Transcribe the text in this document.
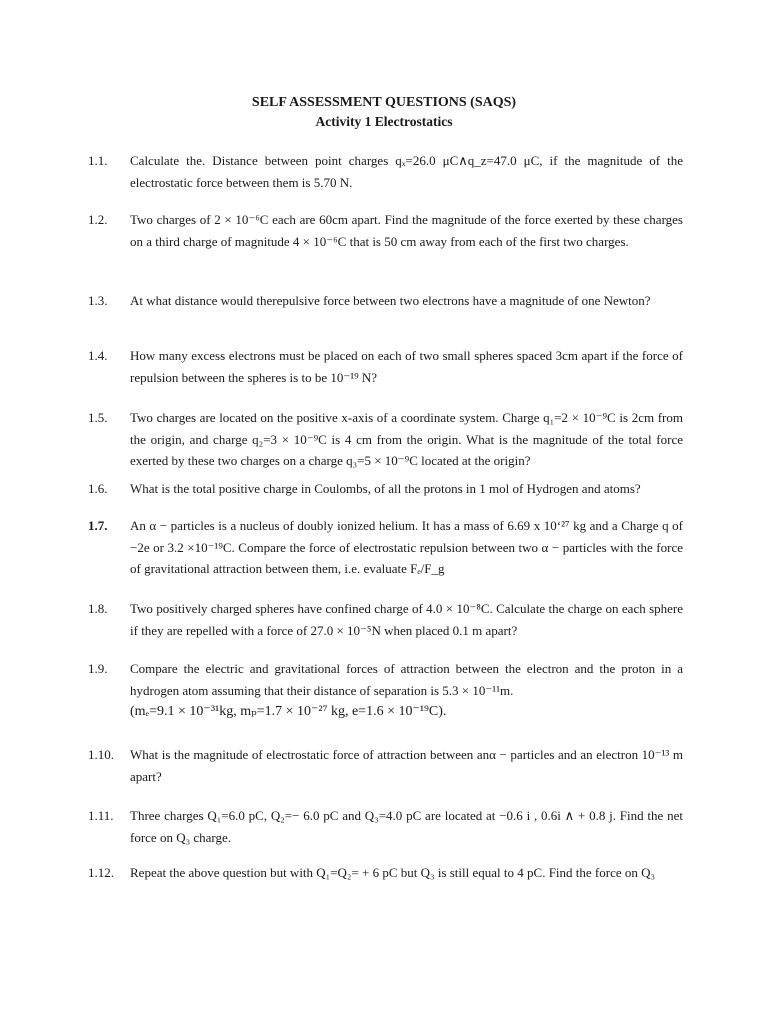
SELF ASSESSMENT QUESTIONS (SAQS)
Activity 1 Electrostatics
1.1. Calculate the. Distance between point charges qₓ=26.0 μC∧q_z=47.0 μC, if the magnitude of the electrostatic force between them is 5.70 N.
1.2. Two charges of 2 × 10⁻⁶C each are 60cm apart. Find the magnitude of the force exerted by these charges on a third charge of magnitude 4 × 10⁻⁶C that is 50 cm away from each of the first two charges.
1.3. At what distance would therepulsive force between two electrons have a magnitude of one Newton?
1.4. How many excess electrons must be placed on each of two small spheres spaced 3cm apart if the force of repulsion between the spheres is to be 10⁻¹⁹ N?
1.5. Two charges are located on the positive x-axis of a coordinate system. Charge q₁=2 × 10⁻⁹C is 2cm from the origin, and charge q₂=3 × 10⁻⁹C is 4 cm from the origin. What is the magnitude of the total force exerted by these two charges on a charge q₃=5 × 10⁻⁹C located at the origin?
1.6. What is the total positive charge in Coulombs, of all the protons in 1 mol of Hydrogen and atoms?
1.7. An α − particles is a nucleus of doubly ionized helium. It has a mass of 6.69 x 10‘²⁷ kg and a Charge q of −2e or 3.2 ×10⁻¹⁹C. Compare the force of electrostatic repulsion between two α − particles with the force of gravitational attraction between them, i.e. evaluate Fₑ/F_g
1.8. Two positively charged spheres have confined charge of 4.0 × 10⁻⁸C. Calculate the charge on each sphere if they are repelled with a force of 27.0 × 10⁻⁵N when placed 0.1 m apart?
1.9. Compare the electric and gravitational forces of attraction between the electron and the proton in a hydrogen atom assuming that their distance of separation is 5.3 × 10⁻¹¹m.
(mₑ=9.1 × 10⁻³¹kg, mₚ=1.7 × 10⁻²⁷ kg, e=1.6 × 10⁻¹⁹C).
1.10. What is the magnitude of electrostatic force of attraction between anα − particles and an electron 10⁻¹³ m apart?
1.11. Three charges Q₁=6.0 pC, Q₂=− 6.0 pC and Q₃=4.0 pC are located at −0.6 i , 0.6i ∧ + 0.8 j. Find the net force on Q₃ charge.
1.12. Repeat the above question but with Q₁=Q₂= + 6 pC but Q₃ is still equal to 4 pC. Find the force on Q₃
